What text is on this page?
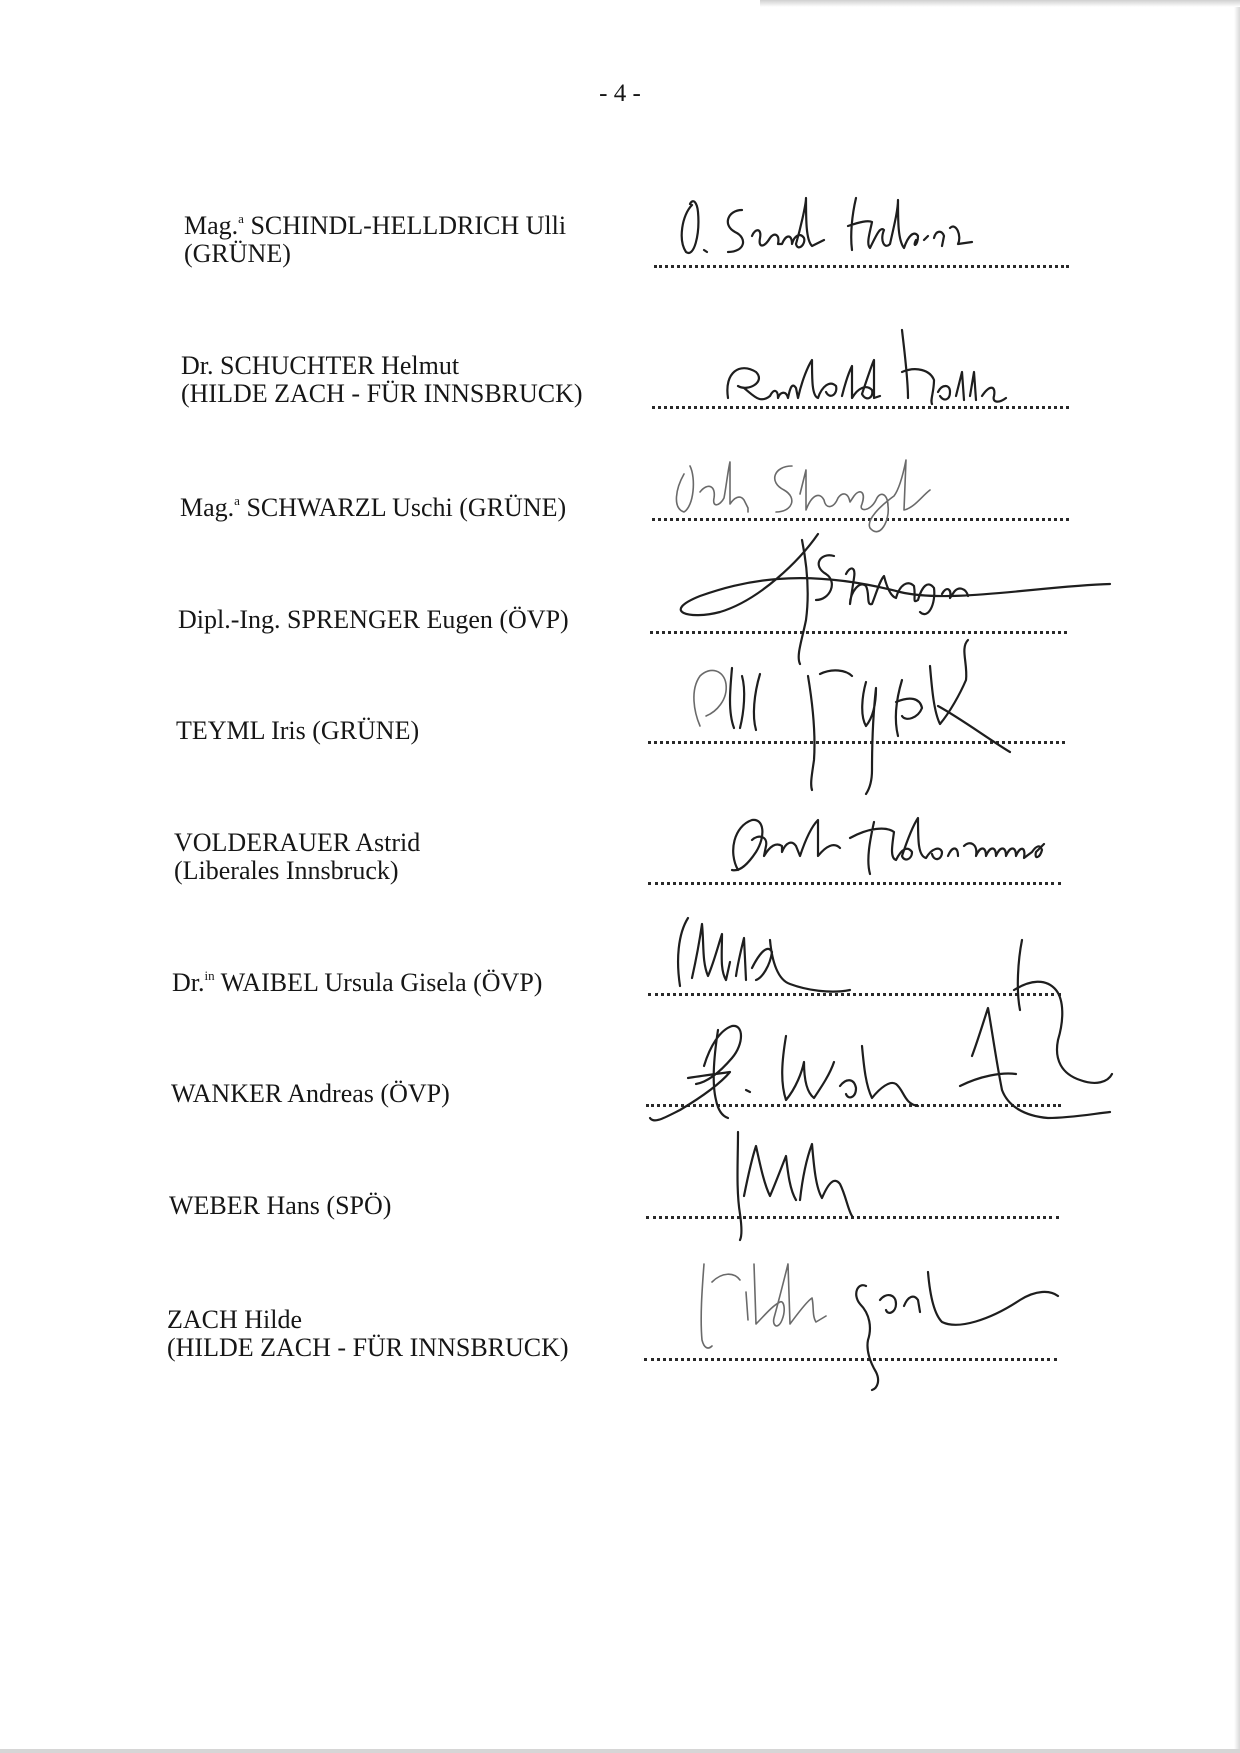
- 4 -
Mag.$^a$ SCHINDL-HELLDRICH Ulli
(GRÜNE)
Dr. SCHUCHTER Helmut
(HILDE ZACH - FÜR INNSBRUCK)
Mag.$^a$ SCHWARZL Uschi (GRÜNE)
Dipl.-Ing. SPRENGER Eugen (ÖVP)
TEYML Iris (GRÜNE)
VOLDERAUER Astrid
(Liberales Innsbruck)
Dr.$^{in}$ WAIBEL Ursula Gisela (ÖVP)
WANKER Andreas (ÖVP)
WEBER Hans (SPÖ)
ZACH Hilde
(HILDE ZACH - FÜR INNSBRUCK)
